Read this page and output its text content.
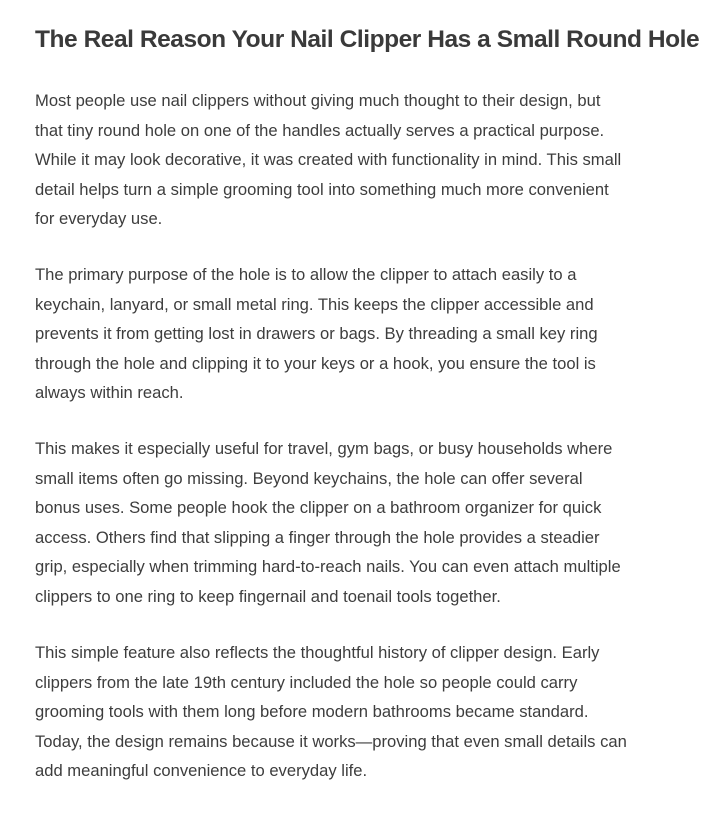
The Real Reason Your Nail Clipper Has a Small Round Hole

Most people use nail clippers without giving much thought to their design, but
that tiny round hole on one of the handles actually serves a practical purpose.
While it may look decorative, it was created with functionality in mind. This small
detail helps turn a simple grooming tool into something much more convenient
for everyday use.

The primary purpose of the hole is to allow the clipper to attach easily to a
keychain, lanyard, or small metal ring. This keeps the clipper accessible and
prevents it from getting lost in drawers or bags. By threading a small key ring
through the hole and clipping it to your keys or a hook, you ensure the tool is
always within reach.

This makes it especially useful for travel, gym bags, or busy households where
small items often go missing. Beyond keychains, the hole can offer several
bonus uses. Some people hook the clipper on a bathroom organizer for quick
access. Others find that slipping a finger through the hole provides a steadier
grip, especially when trimming hard-to-reach nails. You can even attach multiple
clippers to one ring to keep fingernail and toenail tools together.

This simple feature also reflects the thoughtful history of clipper design. Early
clippers from the late 19th century included the hole so people could carry
grooming tools with them long before modern bathrooms became standard.
Today, the design remains because it works—proving that even small details can
add meaningful convenience to everyday life.
